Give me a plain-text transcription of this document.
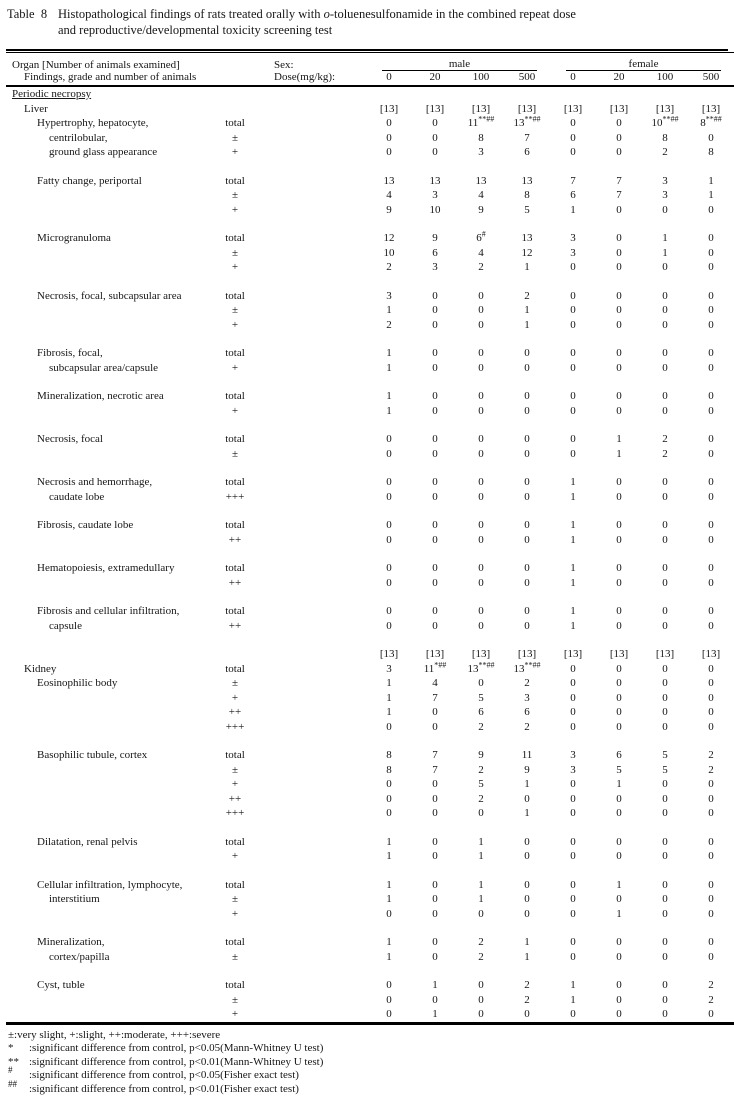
Table  8 Histopathological findings of rats treated orally with o-toluenesulfonamide in the combined repeat dose
and reproductive/developmental toxicity screening test
Organ [Number of animals examined]		Sex:	male				female			

Findings, grade and number of animals		Dose(mg/kg):	0	20	100	500	0	20	100	500
Periodic necropsy										
Liver			[13]	[13]	[13]	[13]	[13]	[13]	[13]	[13]
Hypertrophy, hepatocyte,	total		0	0	11**##	13**##	0	0	10**##	8**##
centrilobular,	±		0	0	8	7	0	0	8	0
ground glass appearance	+		0	0	3	6	0	0	2	8

Fatty change, periportal	total		13	13	13	13	7	7	3	1
	±		4	3	4	8	6	7	3	1
	+		9	10	9	5	1	0	0	0

Microgranuloma	total		12	9	6#	13	3	0	1	0
	±		10	6	4	12	3	0	1	0
	+		2	3	2	1	0	0	0	0

Necrosis, focal, subcapsular area	total		3	0	0	2	0	0	0	0
	±		1	0	0	1	0	0	0	0
	+		2	0	0	1	0	0	0	0

Fibrosis, focal,	total		1	0	0	0	0	0	0	0
subcapsular area/capsule	+		1	0	0	0	0	0	0	0

Mineralization, necrotic area	total		1	0	0	0	0	0	0	0
	+		1	0	0	0	0	0	0	0

Necrosis, focal	total		0	0	0	0	0	1	2	0
	±		0	0	0	0	0	1	2	0

Necrosis and hemorrhage,	total		0	0	0	0	1	0	0	0
caudate lobe	+++		0	0	0	0	1	0	0	0

Fibrosis, caudate lobe	total		0	0	0	0	1	0	0	0
	++		0	0	0	0	1	0	0	0

Hematopoiesis, extramedullary	total		0	0	0	0	1	0	0	0
	++		0	0	0	0	1	0	0	0

Fibrosis and cellular infiltration,	total		0	0	0	0	1	0	0	0
capsule	++		0	0	0	0	1	0	0	0

			[13]	[13]	[13]	[13]	[13]	[13]	[13]	[13]
Kidney	total		3	11*##	13**##	13**##	0	0	0	0
Eosinophilic body	±		1	4	0	2	0	0	0	0
	+		1	7	5	3	0	0	0	0
	++		1	0	6	6	0	0	0	0
	+++		0	0	2	2	0	0	0	0

Basophilic tubule, cortex	total		8	7	9	11	3	6	5	2
	±		8	7	2	9	3	5	5	2
	+		0	0	5	1	0	1	0	0
	++		0	0	2	0	0	0	0	0
	+++		0	0	0	1	0	0	0	0

Dilatation, renal pelvis	total		1	0	1	0	0	0	0	0
	+		1	0	1	0	0	0	0	0

Cellular infiltration, lymphocyte,	total		1	0	1	0	0	1	0	0
interstitium	±		1	0	1	0	0	0	0	0
	+		0	0	0	0	0	1	0	0

Mineralization,	total		1	0	2	1	0	0	0	0
cortex/papilla	±		1	0	2	1	0	0	0	0

Cyst, tuble	total		0	1	0	2	1	0	0	2
	±		0	0	0	2	1	0	0	2
	+		0	1	0	0	0	0	0	0
±:very slight, +:slight, ++:moderate, +++:severe
* :significant difference from control, p<0.05(Mann-Whitney U test)
** :significant difference from control, p<0.01(Mann-Whitney U test)
# :significant difference from control, p<0.05(Fisher exact test)
## :significant difference from control, p<0.01(Fisher exact test)
